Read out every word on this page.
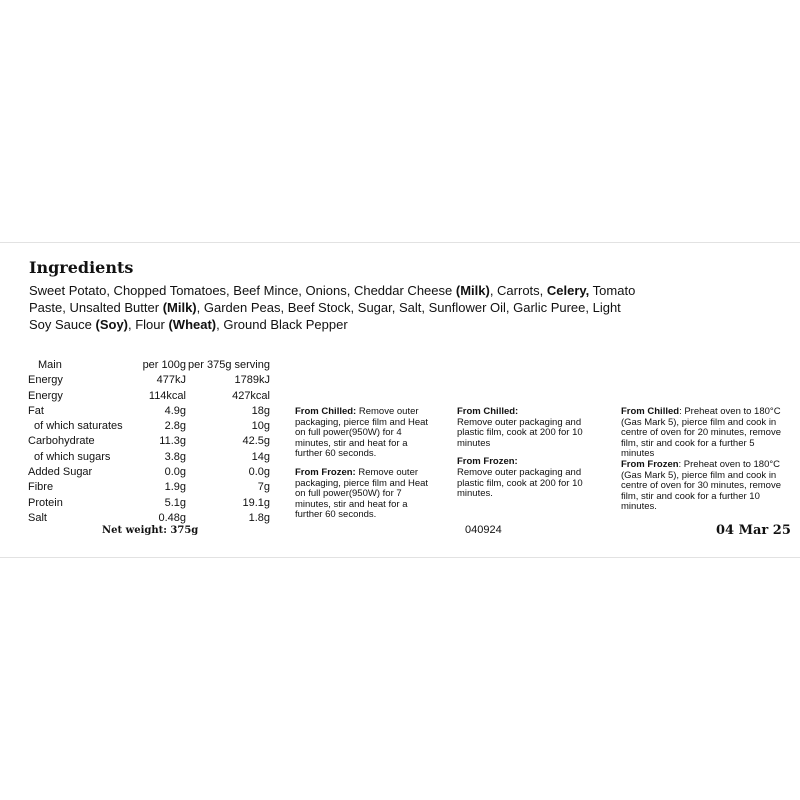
Ingredients

Sweet Potato, Chopped Tomatoes, Beef Mince, Onions, Cheddar Cheese (Milk), Carrots, Celery, Tomato Paste, Unsalted Butter (Milk), Garden Peas, Beef Stock, Sugar, Salt, Sunflower Oil, Garlic Puree, Light Soy Sauce (Soy), Flour (Wheat), Ground Black Pepper

Main	per 100g	per 375g serving
Energy	477kJ	1789kJ
Energy	114kcal	427kcal
Fat	4.9g	18g
of which saturates	2.8g	10g
Carbohydrate	11.3g	42.5g
of which sugars	3.8g	14g
Added Sugar	0.0g	0.0g
Fibre	1.9g	7g
Protein	5.1g	19.1g
Salt	0.48g	1.8g
Net weight: 375g

From Chilled: Remove outer packaging, pierce film and Heat on full power(950W) for 4 minutes, stir and heat for a further 60 seconds.

From Frozen: Remove outer packaging, pierce film and Heat on full power(950W) for 7 minutes, stir and heat for a further 60 seconds.

From Chilled:
Remove outer packaging and plastic film, cook at 200 for 10 minutes

From Frozen:
Remove outer packaging and plastic film, cook at 200 for 10 minutes.

From Chilled: Preheat oven to 180°C (Gas Mark 5), pierce film and cook in centre of oven for 20 minutes, remove film, stir and cook for a further 5 minutes

From Frozen: Preheat oven to 180°C (Gas Mark 5), pierce film and cook in centre of oven for 30 minutes, remove film, stir and cook for a further 10 minutes.

040924	04 Mar 25
